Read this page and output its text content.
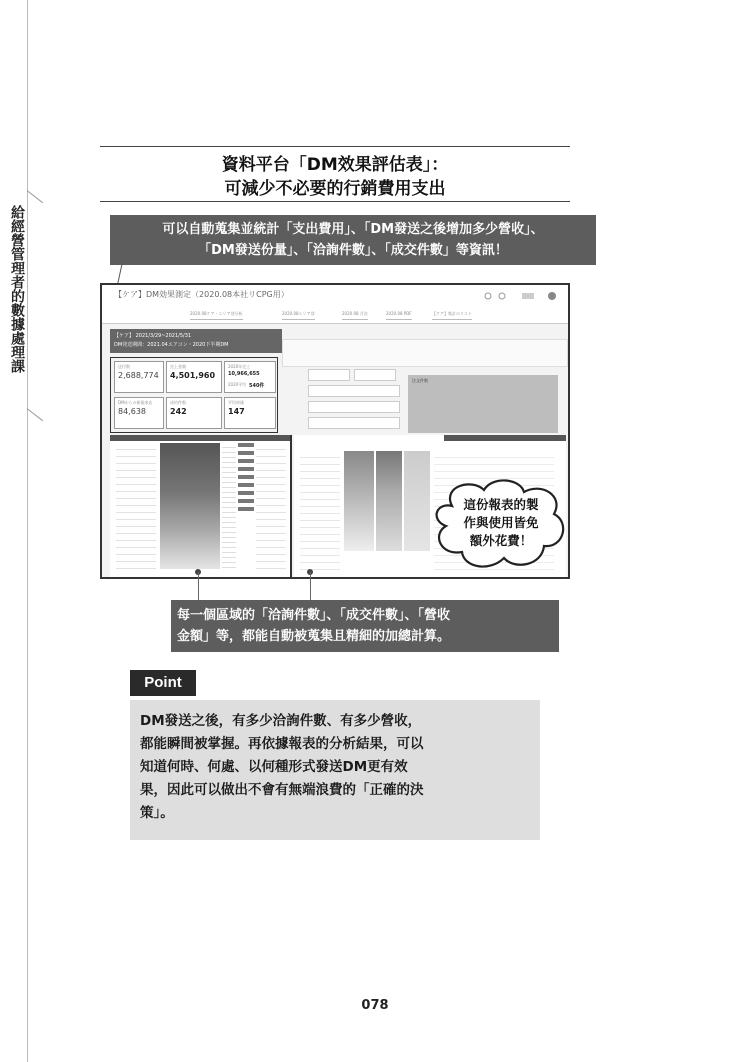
給經營管理者的數據處理課
資料平台「DM效果評估表」：
可減少不必要的行銷費用支出
可以自動蒐集並統計「支出費用」、「DM發送之後增加多少營收」、
「DM發送份量」、「洽詢件數」、「成交件數」等資訊！
【ケア】DM効果測定（2020.08本社リCPG用）
2020.08ケア・エリア別分析	2020.08エリア別	2020.08 月次	2020.08 PDF	【ケア】集計のリスト
【ケア】 2021/3/29~2021/5/31
DM発送期間：2021.04エアコン・2020下半期DM
送付数
2,688,774
売上金額
4,501,960
2020年売上
10,966,655
2020平均 540件
DMからの新規来店
84,638
成約件数
242
平均単価
147
注文件数
這份報表的製
作與使用皆免
額外花費！
每一個區域的「洽詢件數」、「成交件數」、「營收
金額」等，都能自動被蒐集且精細的加總計算。
Point
DM發送之後，有多少洽詢件數、有多少營收，
都能瞬間被掌握。再依據報表的分析結果，可以
知道何時、何處、以何種形式發送DM更有效
果，因此可以做出不會有無端浪費的「正確的決
策」。
078
